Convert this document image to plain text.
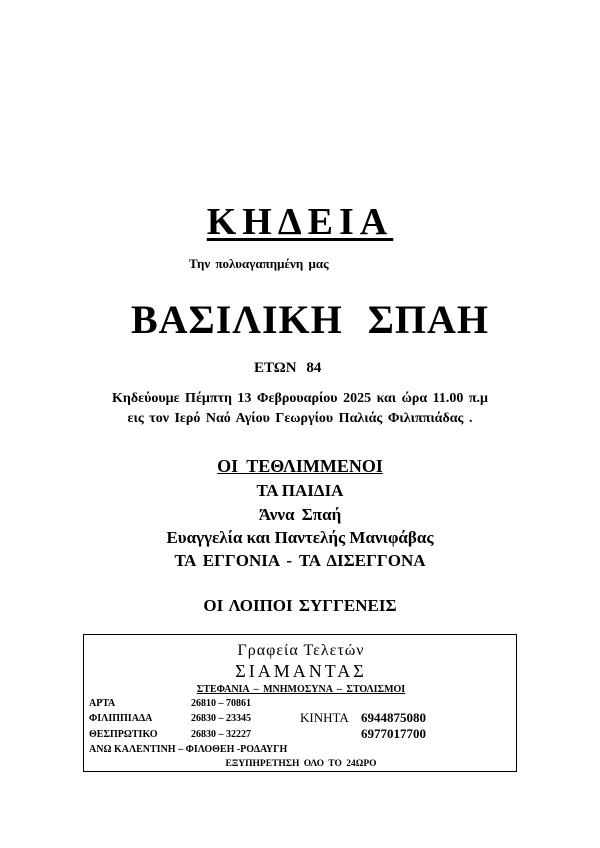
ΚΗΔΕΙΑ
Την πολυαγαπημένη μας
ΒΑΣΙΛΙΚΗ ΣΠΑΗ
ΕΤΩΝ 84
Κηδεύουμε Πέμπτη 13 Φεβρουαρίου 2025 και ώρα 11.00 π.μ
εις τον Ιερό Ναό Αγίου Γεωργίου Παλιάς Φιλιππιάδας .
ΟΙ ΤΕΘΛΙΜΜΕΝΟΙ
ΤΑ ΠΑΙΔΙΑ
Άννα Σπαή
Ευαγγελία και Παντελής Μανιφάβας
ΤΑ ΕΓΓΟΝΙΑ - ΤΑ ΔΙΣΕΓΓΟΝΑ
ΟΙ ΛΟΙΠΟΙ ΣΥΓΓΕΝΕΙΣ
Γραφεία Τελετών
ΣΙΑΜΑΝΤΑΣ
ΣΤΕΦΑΝΙΑ – ΜΝΗΜΟΣΥΝΑ – ΣΤΟΛΙΣΜΟΙ
ΑΡΤΑ	26810 – 70861
ΦΙΛΙΠΠΙΑΔΑ	26830 – 23345
ΘΕΣΠΡΩΤΙΚΟ	26830 – 32227
ΚΙΝΗΤΑ 6944875080
6977017700
ΑΝΩ ΚΑΛΕΝΤΙΝΗ – ΦΙΛΟΘΕΗ -ΡΟΔΑΥΓΗ
ΕΞΥΠΗΡΕΤΗΣΗ ΟΛΟ ΤΟ 24ΩΡΟ
